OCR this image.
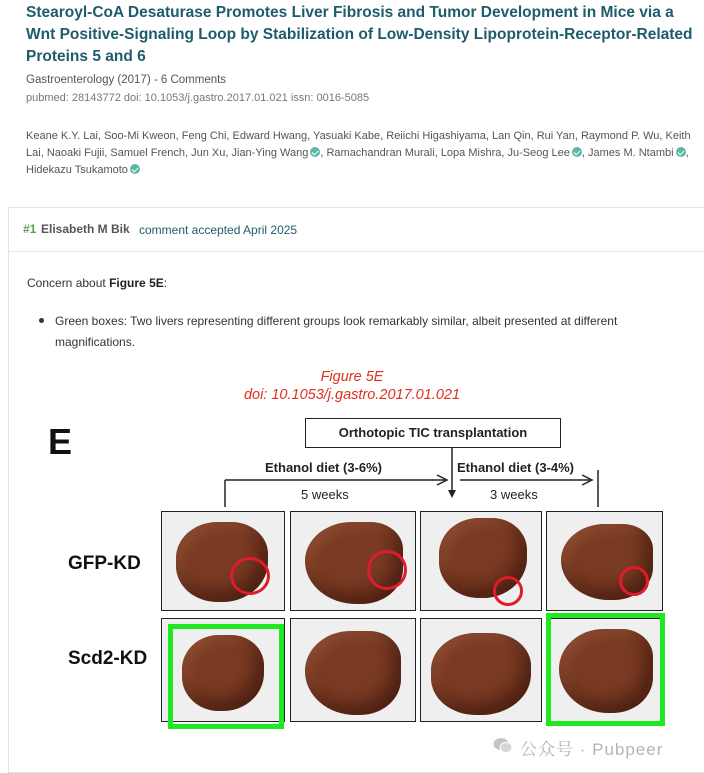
Stearoyl-CoA Desaturase Promotes Liver Fibrosis and Tumor Development in Mice via a Wnt Positive-Signaling Loop by Stabilization of Low-Density Lipoprotein-Receptor-Related Proteins 5 and 6
Gastroenterology (2017) - 6 Comments
pubmed: 28143772 doi: 10.1053/j.gastro.2017.01.021 issn: 0016-5085
Keane K.Y. Lai, Soo-Mi Kweon, Feng Chi, Edward Hwang, Yasuaki Kabe, Reiichi Higashiyama, Lan Qin, Rui Yan, Raymond P. Wu, Keith Lai, Naoaki Fujii, Samuel French, Jun Xu, Jian-Ying Wang , Ramachandran Murali, Lopa Mishra, Ju-Seog Lee , James M. Ntambi , Hidekazu Tsukamoto
#1 Elisabeth M Bik comment accepted April 2025
Concern about Figure 5E:
Green boxes: Two livers representing different groups look remarkably similar, albeit presented at different magnifications.
Figure 5E
doi: 10.1053/j.gastro.2017.01.021
E	Orthotopic TIC transplantation
Ethanol diet (3-6%)	Ethanol diet (3-4%)
5 weeks	3 weeks
GFP-KD
Scd2-KD
公众号 · Pubpeer
